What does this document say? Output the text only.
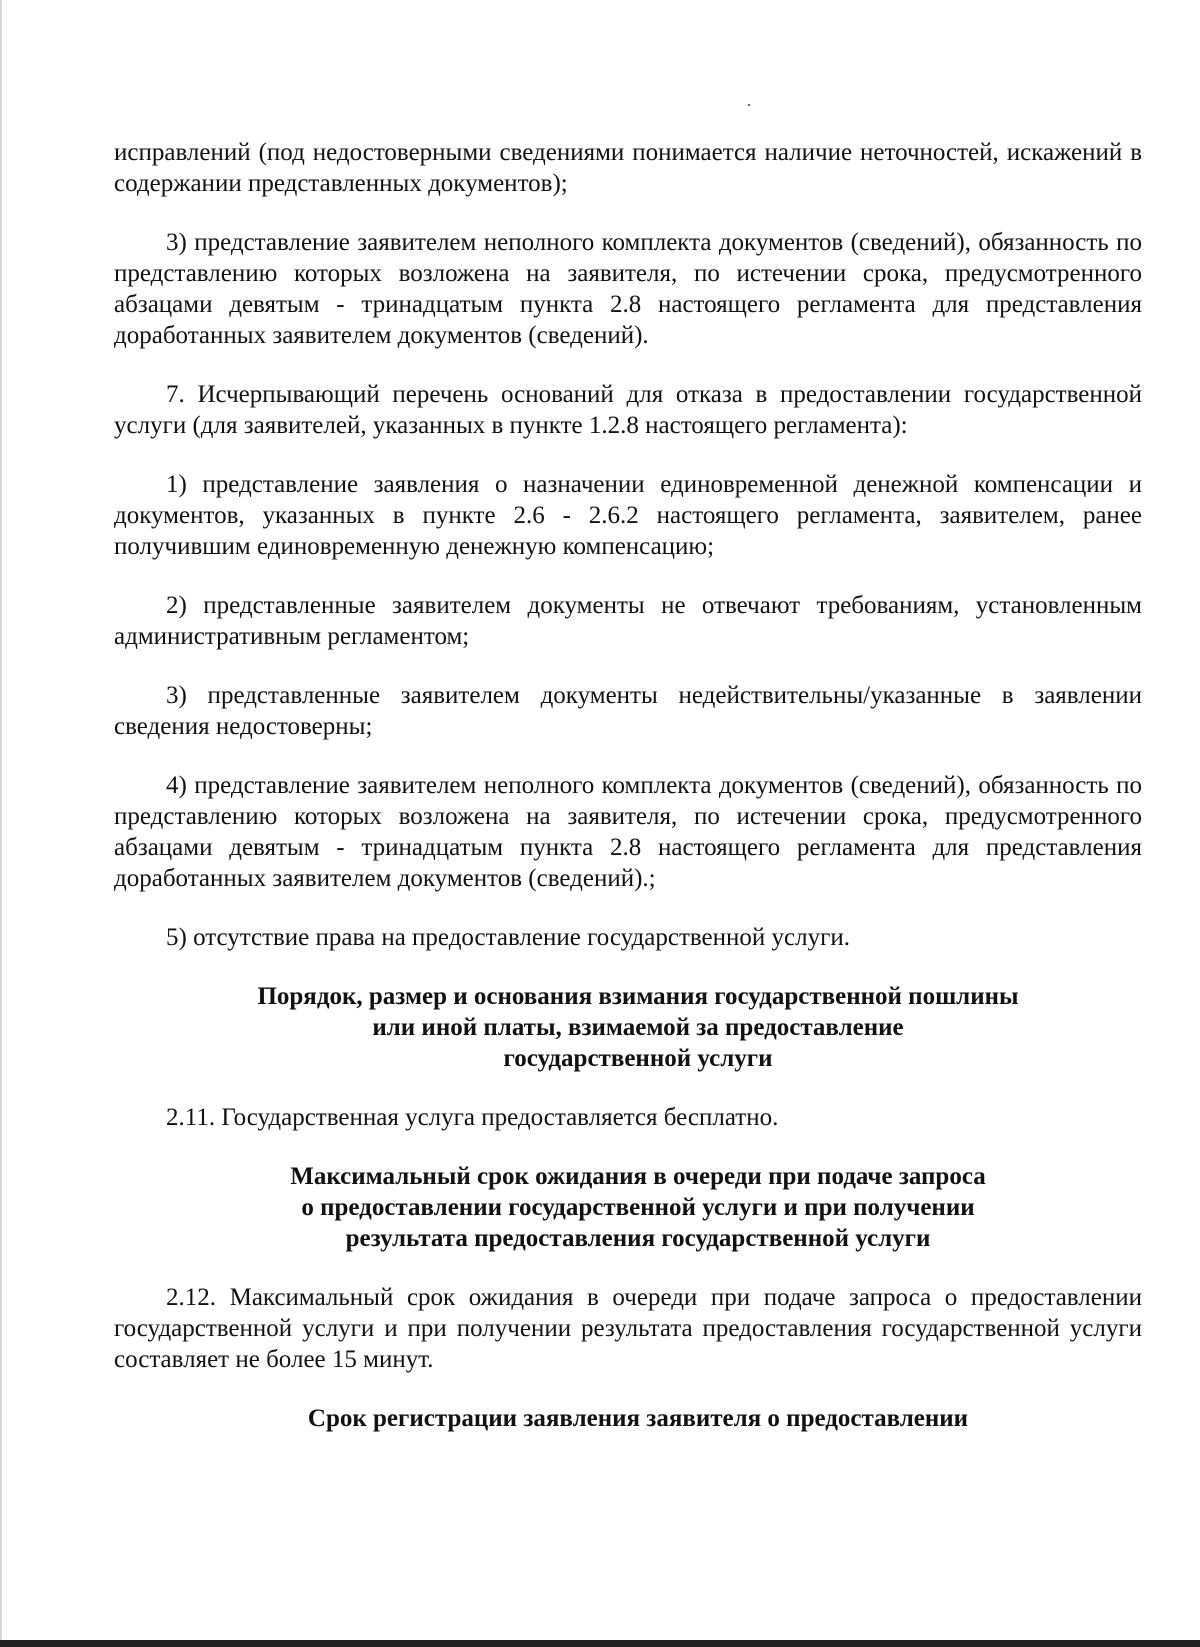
исправлений (под недостоверными сведениями понимается наличие неточностей, искажений в содержании представленных документов);

3) представление заявителем неполного комплекта документов (сведений), обязанность по представлению которых возложена на заявителя, по истечении срока, предусмотренного абзацами девятым - тринадцатым пункта 2.8 настоящего регламента для представления доработанных заявителем документов (сведений).

7. Исчерпывающий перечень оснований для отказа в предоставлении государственной услуги (для заявителей, указанных в пункте 1.2.8 настоящего регламента):

1) представление заявления о назначении единовременной денежной компенсации и документов, указанных в пункте 2.6 - 2.6.2 настоящего регламента, заявителем, ранее получившим единовременную денежную компенсацию;

2) представленные заявителем документы не отвечают требованиям, установленным административным регламентом;

3) представленные заявителем документы недействительны/указанные в заявлении сведения недостоверны;

4) представление заявителем неполного комплекта документов (сведений), обязанность по представлению которых возложена на заявителя, по истечении срока, предусмотренного абзацами девятым - тринадцатым пункта 2.8 настоящего регламента для представления доработанных заявителем документов (сведений).;

5) отсутствие права на предоставление государственной услуги.

Порядок, размер и основания взимания государственной пошлины
или иной платы, взимаемой за предоставление
государственной услуги

2.11. Государственная услуга предоставляется бесплатно.

Максимальный срок ожидания в очереди при подаче запроса
о предоставлении государственной услуги и при получении
результата предоставления государственной услуги

2.12. Максимальный срок ожидания в очереди при подаче запроса о предоставлении государственной услуги и при получении результата предоставления государственной услуги составляет не более 15 минут.

Срок регистрации заявления заявителя о предоставлении
